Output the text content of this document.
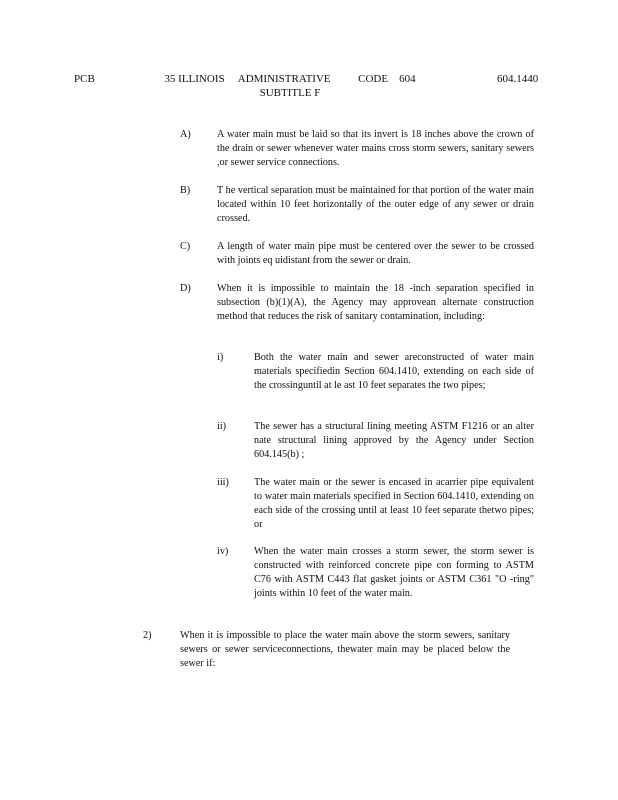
PCB	35 ILLINOIS     ADMINISTRATIVE          CODE    604
SUBTITLE F
604.1440
A)	A water main must be laid so that its invert is 18 inches above the crown of the drain or sewer whenever water mains cross storm sewers, sanitary sewers ,or sewer service connections.
B)	T he vertical separation must be maintained for that portion of the water main located within 10 feet horizontally of the outer edge of any sewer or drain crossed.
C)	A length of water main pipe must be centered over the sewer to be crossed with joints eq uidistant from the sewer or drain.
D)	When it is impossible to maintain the 18 -inch separation specified in subsection (b)(1)(A), the Agency may approvean alternate construction method that reduces the risk of sanitary contamination, including:
i)	Both the water main and sewer areconstructed of water main materials specifiedin Section 604.1410, extending on each side of the crossinguntil at le ast 10 feet separates the two pipes;
ii)	The sewer has a structural lining meeting ASTM F1216 or an alter nate structural lining approved by the Agency under Section 604.145(b) ;
iii) The water main or the sewer is encased in acarrier pipe equivalent to water main materials specified in Section 604.1410, extending on each side of the crossing until at least 10 feet separate thetwo pipes; or
iv)	When the water main crosses a storm sewer, the storm sewer is constructed with reinforced concrete pipe con forming to ASTM C76 with ASTM C443 flat gasket joints or ASTM C361 "O -ring" joints within 10 feet of the water main.
2)	When it is impossible to place the water main above the storm sewers, sanitary sewers or sewer serviceconnections, thewater main may be placed below the sewer if:
